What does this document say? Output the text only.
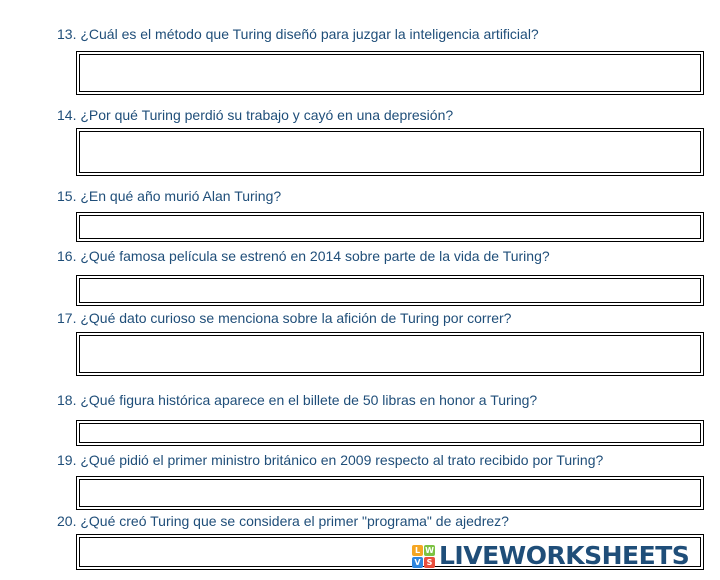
13. ¿Cuál es el método que Turing diseñó para juzgar la inteligencia artificial?
14. ¿Por qué Turing perdió su trabajo y cayó en una depresión?
15. ¿En qué año murió Alan Turing?
16. ¿Qué famosa película se estrenó en 2014 sobre parte de la vida de Turing?
17. ¿Qué dato curioso se menciona sobre la afición de Turing por correr?
18. ¿Qué figura histórica aparece en el billete de 50 libras en honor a Turing?
19. ¿Qué pidió el primer ministro británico en 2009 respecto al trato recibido por Turing?
20. ¿Qué creó Turing que se considera el primer "programa" de ajedrez?
L W
V S LIVEWORKSHEETS
